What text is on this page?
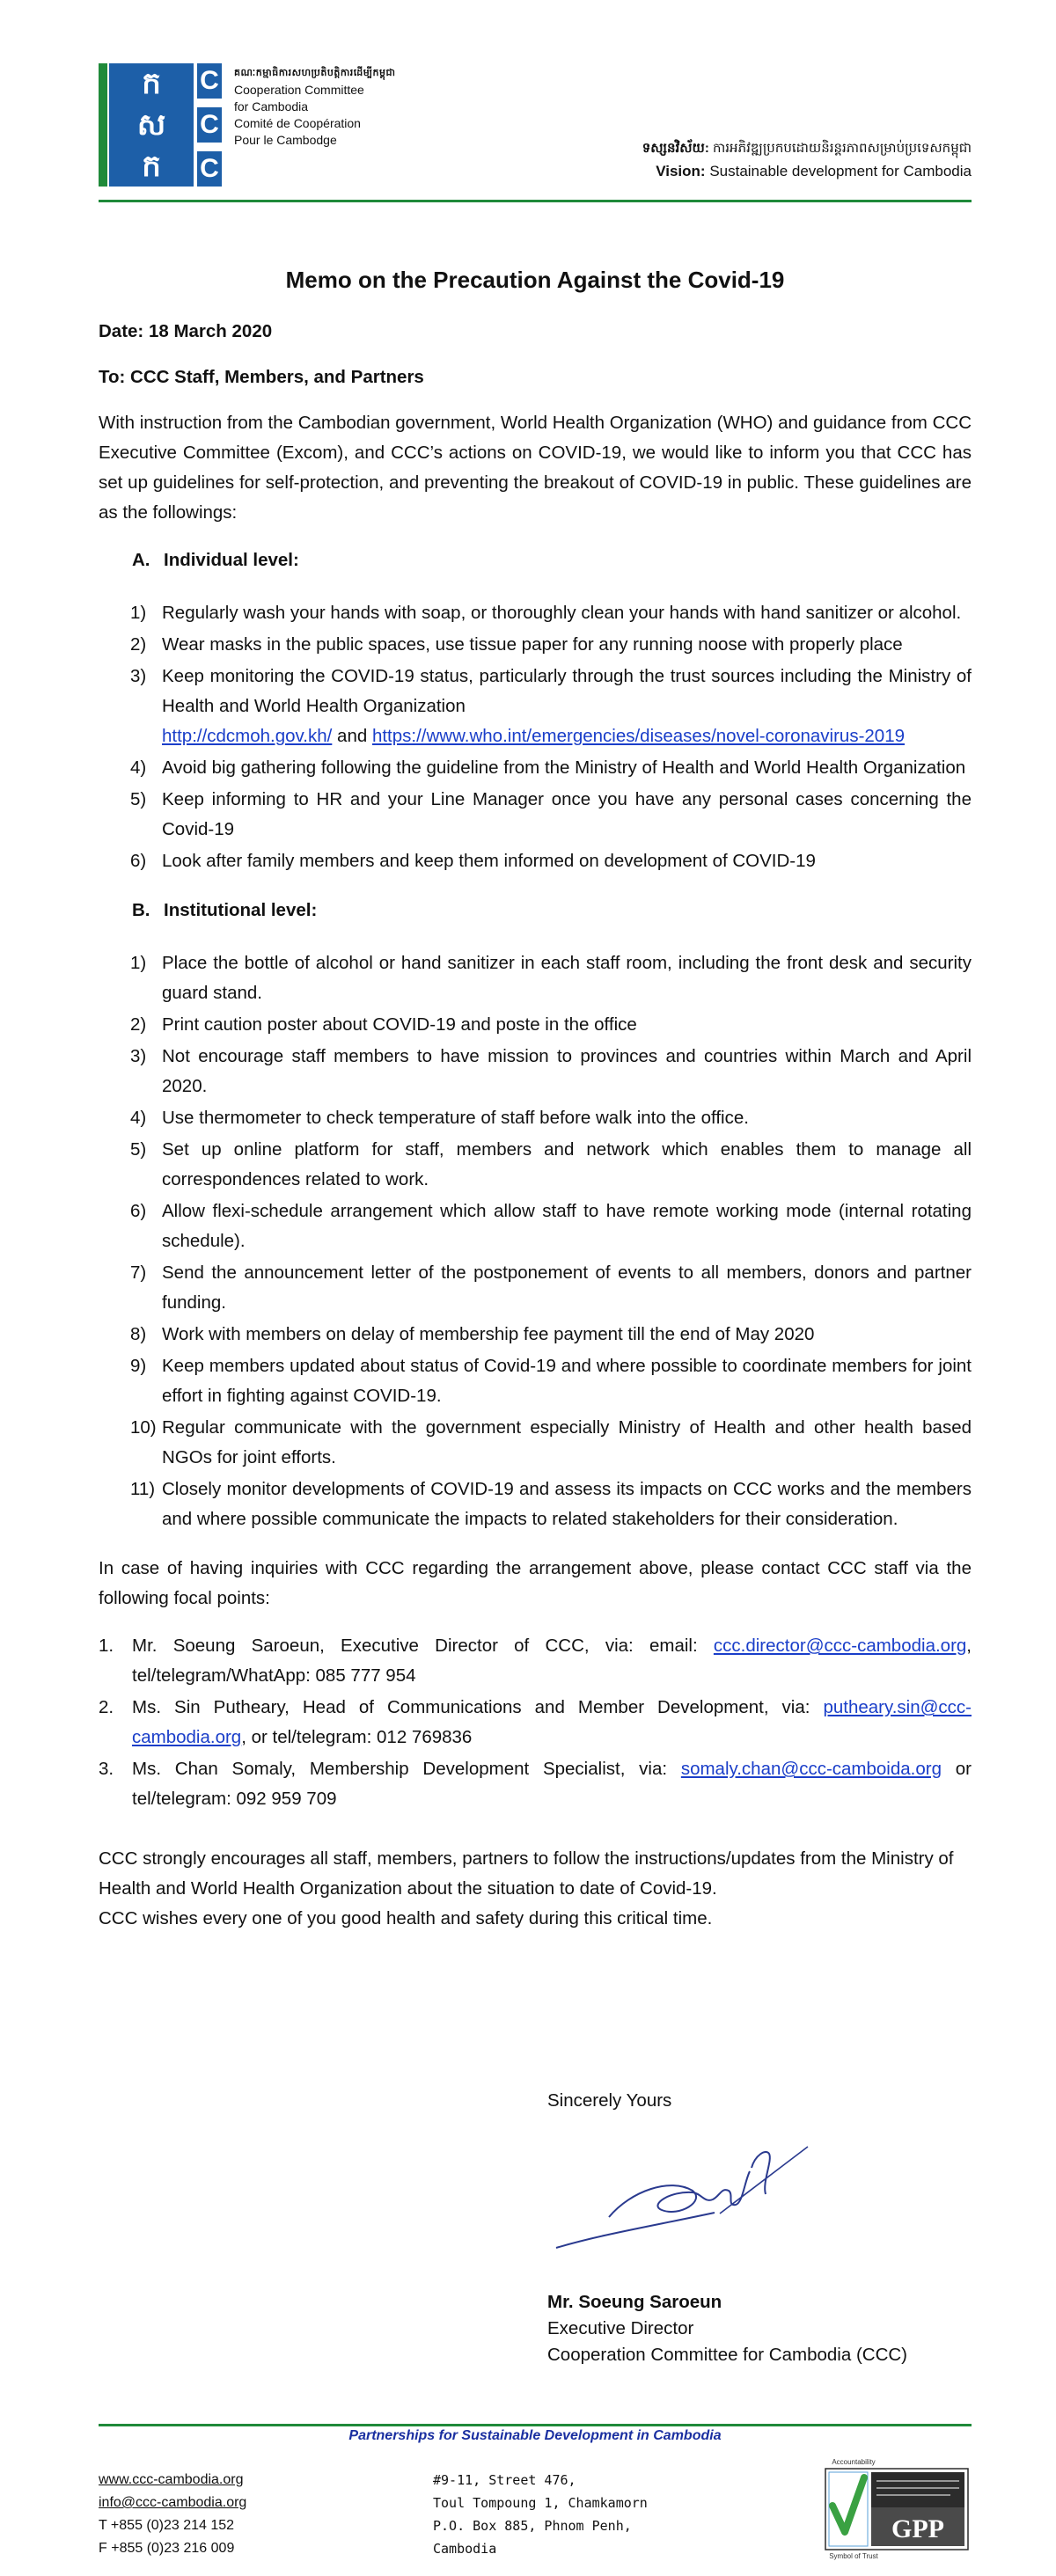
ក
ស
ក
C
C
C
គណៈកម្មាធិការសហប្រតិបត្តិការដើម្បីកម្ពុជា
Cooperation Committee
for Cambodia
Comité de Coopération
Pour le Cambodge
ទស្សនវិស័យ: ការអភិវឌ្ឍប្រកបដោយនិរន្តរភាពសម្រាប់ប្រទេសកម្ពុជា
Vision: Sustainable development for Cambodia
Memo on the Precaution Against the Covid-19
Date: 18 March 2020
To: CCC Staff, Members, and Partners

With instruction from the Cambodian government, World Health Organization (WHO) and guidance from CCC Executive Committee (Excom), and CCC’s actions on COVID-19, we would like to inform you that CCC has set up guidelines for self-protection, and preventing the breakout of COVID-19 in public. These guidelines are as the followings:

A. Individual level:
1) Regularly wash your hands with soap, or thoroughly clean your hands with hand sanitizer or alcohol.
2) Wear masks in the public spaces, use tissue paper for any running noose with properly place
3) Keep monitoring the COVID-19 status, particularly through the trust sources including the Ministry of Health and World Health Organization
http://cdcmoh.gov.kh/ and https://www.who.int/emergencies/diseases/novel-coronavirus-2019
4) Avoid big gathering following the guideline from the Ministry of Health and World Health Organization
5) Keep informing to HR and your Line Manager once you have any personal cases concerning the Covid-19
6) Look after family members and keep them informed on development of COVID-19
B. Institutional level:
1) Place the bottle of alcohol or hand sanitizer in each staff room, including the front desk and security guard stand.
2) Print caution poster about COVID-19 and poste in the office
3) Not encourage staff members to have mission to provinces and countries within March and April 2020.
4) Use thermometer to check temperature of staff before walk into the office.
5) Set up online platform for staff, members and network which enables them to manage all correspondences related to work.
6) Allow flexi-schedule arrangement which allow staff to have remote working mode (internal rotating schedule).
7) Send the announcement letter of the postponement of events to all members, donors and partner funding.
8) Work with members on delay of membership fee payment till the end of May 2020
9) Keep members updated about status of Covid-19 and where possible to coordinate members for joint effort in fighting against COVID-19.
10) Regular communicate with the government especially Ministry of Health and other health based NGOs for joint efforts.
11) Closely monitor developments of COVID-19 and assess its impacts on CCC works and the members and where possible communicate the impacts to related stakeholders for their consideration.

In case of having inquiries with CCC regarding the arrangement above, please contact CCC staff via the following focal points:

1. Mr. Soeung Saroeun, Executive Director of CCC, via: email: ccc.director@ccc-cambodia.org, tel/telegram/WhatApp: 085 777 954
2. Ms. Sin Putheary, Head of Communications and Member Development, via: putheary.sin@ccc-cambodia.org, or tel/telegram: 012 769836
3. Ms. Chan Somaly, Membership Development Specialist, via: somaly.chan@ccc-camboida.org or tel/telegram: 092 959 709

CCC strongly encourages all staff, members, partners to follow the instructions/updates from the Ministry of Health and World Health Organization about the situation to date of Covid-19.
CCC wishes every one of you good health and safety during this critical time.

Sincerely Yours
Mr. Soeung Saroeun
Executive Director
Cooperation Committee for Cambodia (CCC)
Partnerships for Sustainable Development in Cambodia
www.ccc-cambodia.org
info@ccc-cambodia.org
T +855 (0)23 214 152
F +855 (0)23 216 009
#9-11, Street 476,
Toul Tompoung 1, Chamkamorn
P.O. Box 885, Phnom Penh,
Cambodia
GPP
Accountability
Symbol of Trust
